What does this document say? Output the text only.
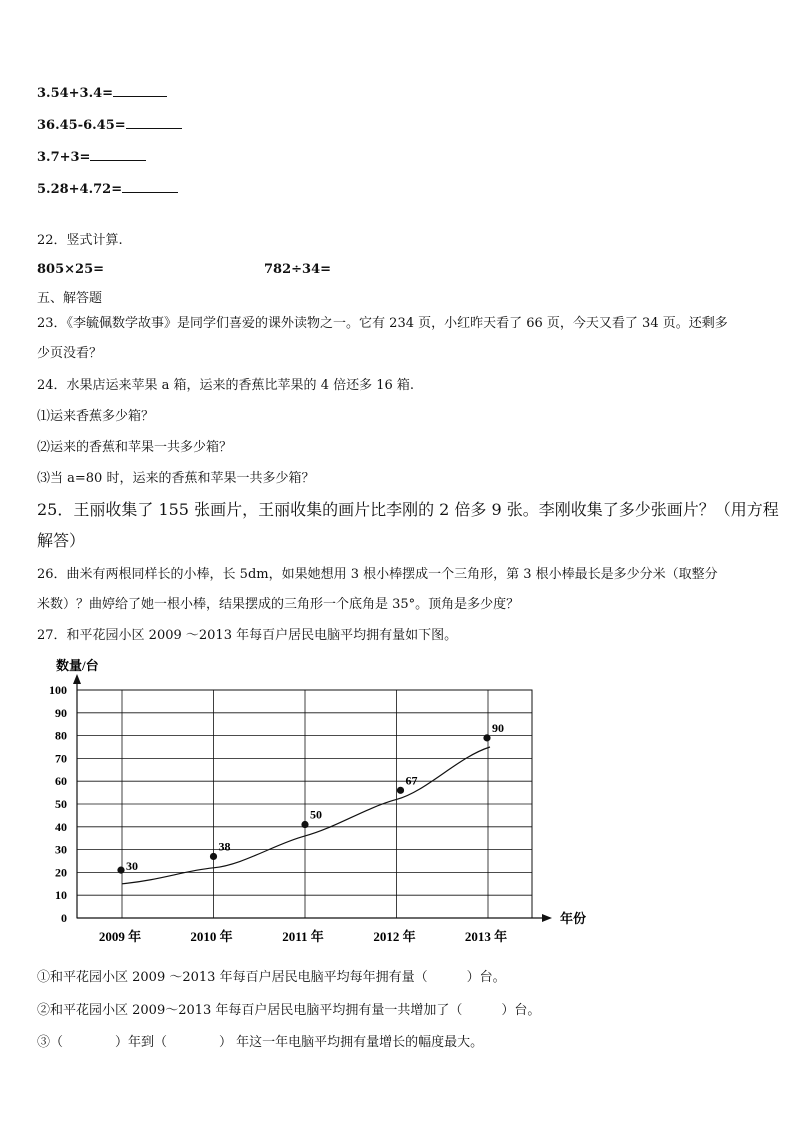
3.54+3.4=
36.45-6.45=
3.7+3=
5.28+4.72=
22．竖式计算.
805×25=	782÷34=
五、解答题
23．《李毓佩数学故事》是同学们喜爱的课外读物之一。它有 234 页，小红昨天看了 66 页，今天又看了 34 页。还剩多
少页没看？
24．水果店运来苹果 a 箱，运来的香蕉比苹果的 4 倍还多 16 箱.
⑴运来香蕉多少箱？
⑵运来的香蕉和苹果一共多少箱？
⑶当 a=80 时，运来的香蕉和苹果一共多少箱？
25．王丽收集了 155 张画片，王丽收集的画片比李刚的 2 倍多 9 张。李刚收集了多少张画片？（用方程
解答）
26．曲米有两根同样长的小棒，长 5dm，如果她想用 3 根小棒摆成一个三角形，第 3 根小棒最长是多少分米（取整分
米数）？曲婷给了她一根小棒，结果摆成的三角形一个底角是 35°。顶角是多少度？
27．和平花园小区 2009 ～2013 年每百户居民电脑平均拥有量如下图。
0
10
20
30
40
50
60
70
80
90
100
数量/台
年份
2009 年	2010 年	2011 年	2012 年	2013 年
30
38
50
67
90
①和平花园小区 2009 ～2013 年每百户居民电脑平均每年拥有量（　　　）台。
②和平花园小区 2009～2013 年每百户居民电脑平均拥有量一共增加了（　　　）台。
③（　　　　）年到（　　　　） 年这一年电脑平均拥有量增长的幅度最大。
